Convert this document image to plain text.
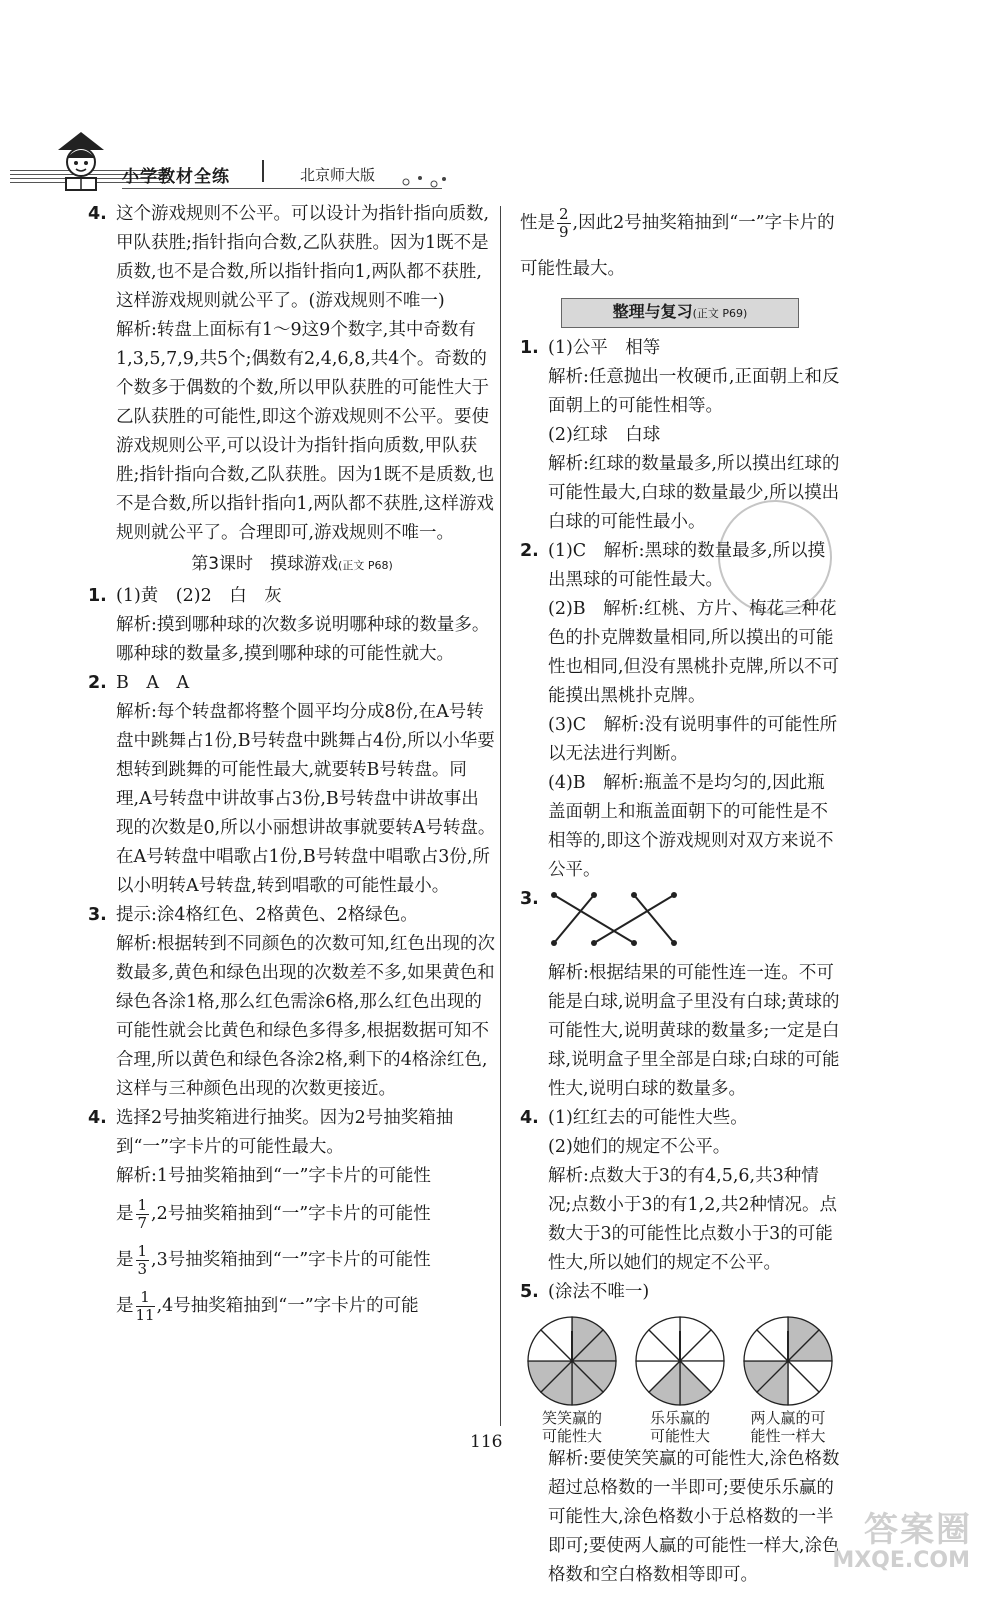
小学教材全练	北京师大版
4. 这个游戏规则不公平。可以设计为指针指向质数,甲队获胜;指针指向合数,乙队获胜。因为1既不是质数,也不是合数,所以指针指向1,两队都不获胜,这样游戏规则就公平了。(游戏规则不唯一)

解析:转盘上面标有1～9这9个数字,其中奇数有1,3,5,7,9,共5个;偶数有2,4,6,8,共4个。奇数的个数多于偶数的个数,所以甲队获胜的可能性大于乙队获胜的可能性,即这个游戏规则不公平。要使游戏规则公平,可以设计为指针指向质数,甲队获胜;指针指向合数,乙队获胜。因为1既不是质数,也不是合数,所以指针指向1,两队都不获胜,这样游戏规则就公平了。合理即可,游戏规则不唯一。

第3课时　摸球游戏(正文 P68)
1. (1)黄　(2)2　白　灰

解析:摸到哪种球的次数多说明哪种球的数量多。哪种球的数量多,摸到哪种球的可能性就大。

2. B　A　A

解析:每个转盘都将整个圆平均分成8份,在A号转盘中跳舞占1份,B号转盘中跳舞占4份,所以小华要想转到跳舞的可能性最大,就要转B号转盘。同理,A号转盘中讲故事占3份,B号转盘中讲故事出现的次数是0,所以小丽想讲故事就要转A号转盘。在A号转盘中唱歌占1份,B号转盘中唱歌占3份,所以小明转A号转盘,转到唱歌的可能性最小。

3. 提示:涂4格红色、2格黄色、2格绿色。

解析:根据转到不同颜色的次数可知,红色出现的次数最多,黄色和绿色出现的次数差不多,如果黄色和绿色各涂1格,那么红色需涂6格,那么红色出现的可能性就会比黄色和绿色多得多,根据数据可知不合理,所以黄色和绿色各涂2格,剩下的4格涂红色,这样与三种颜色出现的次数更接近。

4. 选择2号抽奖箱进行抽奖。因为2号抽奖箱抽到“一”字卡片的可能性最大。

解析:1号抽奖箱抽到“一”字卡片的可能性

是 $\frac{1}{7} ,2$号抽奖箱抽到“一”字卡片的可能性

是 $\frac{1}{3} ,3$号抽奖箱抽到“一”字卡片的可能性

是 $\frac{1}{11} ,4$号抽奖箱抽到“一”字卡片的可能

性是 $\frac{2}{9}$ ,因此2号抽奖箱抽到“一”字卡片的可能性最大。

整理与复习(正文 P69)
1. (1)公平　相等

解析:任意抛出一枚硬币,正面朝上和反面朝上的可能性相等。

(2)红球　白球

解析:红球的数量最多,所以摸出红球的可能性最大,白球的数量最少,所以摸出白球的可能性最小。

2. (1)C　解析:黑球的数量最多,所以摸出黑球的可能性最大。

(2)B　解析:红桃、方片、梅花三种花色的扑克牌数量相同,所以摸出的可能性也相同,但没有黑桃扑克牌,所以不可能摸出黑桃扑克牌。

(3)C　解析:没有说明事件的可能性所以无法进行判断。

(4)B　解析:瓶盖不是均匀的,因此瓶盖面朝上和瓶盖面朝下的可能性是不相等的,即这个游戏规则对双方来说不公平。

3.

解析:根据结果的可能性连一连。不可能是白球,说明盒子里没有白球;黄球的可能性大,说明黄球的数量多;一定是白球,说明盒子里全部是白球;白球的可能性大,说明白球的数量多。

4. (1)红红去的可能性大些。

(2)她们的规定不公平。

解析:点数大于3的有4,5,6,共3种情况;点数小于3的有1,2,共2种情况。点数大于3的可能性比点数小于3的可能性大,所以她们的规定不公平。

5. (涂法不唯一)

笑笑赢的
可能性大
乐乐赢的
可能性大
两人赢的可
能性一样大

解析:要使笑笑赢的可能性大,涂色格数超过总格数的一半即可;要使乐乐赢的可能性大,涂色格数小于总格数的一半即可;要使两人赢的可能性一样大,涂色格数和空白格数相等即可。

116
答案圈
MXQE.COM
